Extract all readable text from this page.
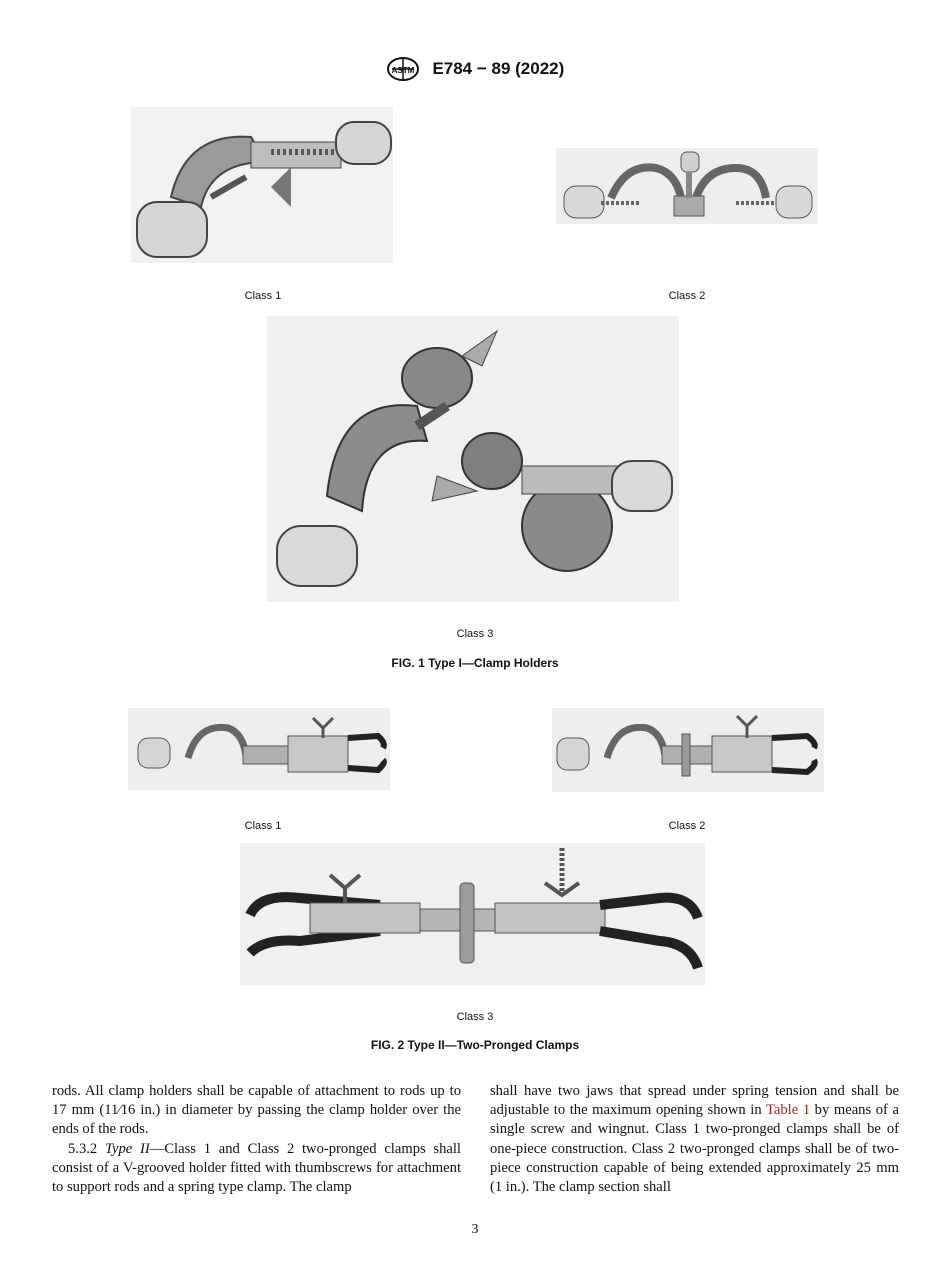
ASTM E784 − 89 (2022)
Class 1	Class 2
Class 3
FIG. 1 Type I—Clamp Holders
Class 1	Class 2
Class 3
FIG. 2 Type II—Two-Pronged Clamps

rods. All clamp holders shall be capable of attachment to rods up to 17 mm (11⁄16 in.) in diameter by passing the clamp holder over the ends of the rods.

5.3.2 Type II—Class 1 and Class 2 two-pronged clamps shall consist of a V-grooved holder fitted with thumbscrews for attachment to support rods and a spring type clamp. The clamp

shall have two jaws that spread under spring tension and shall be adjustable to the maximum opening shown in Table 1 by means of a single screw and wingnut. Class 1 two-pronged clamps shall be of one-piece construction. Class 2 two-pronged clamps shall be of two-piece construction capable of being extended approximately 25 mm (1 in.). The clamp section shall

3
